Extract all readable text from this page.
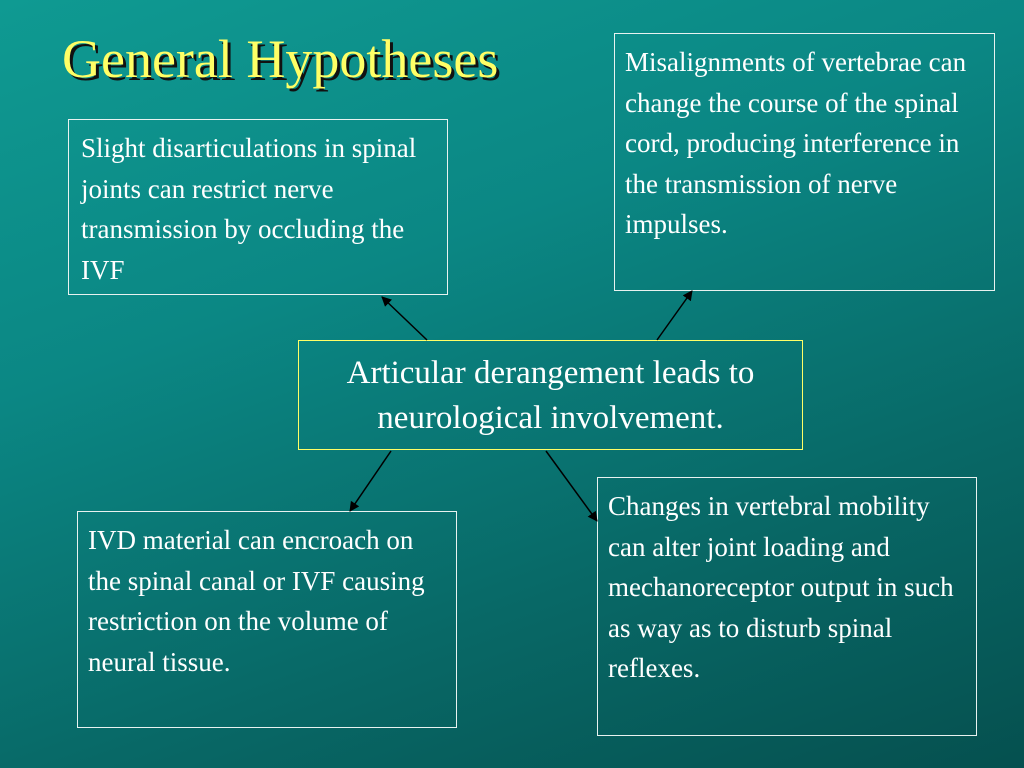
General Hypotheses
Slight disarticulations in spinal joints can restrict nerve transmission by occluding the IVF
Misalignments of vertebrae can change the course of the spinal cord, producing interference in the transmission of nerve impulses.
Articular derangement leads to neurological involvement.
IVD material can encroach on the spinal canal or IVF causing restriction on the volume of neural tissue.
Changes in vertebral mobility can alter joint loading and mechanoreceptor output in such as way as to disturb spinal reflexes.
